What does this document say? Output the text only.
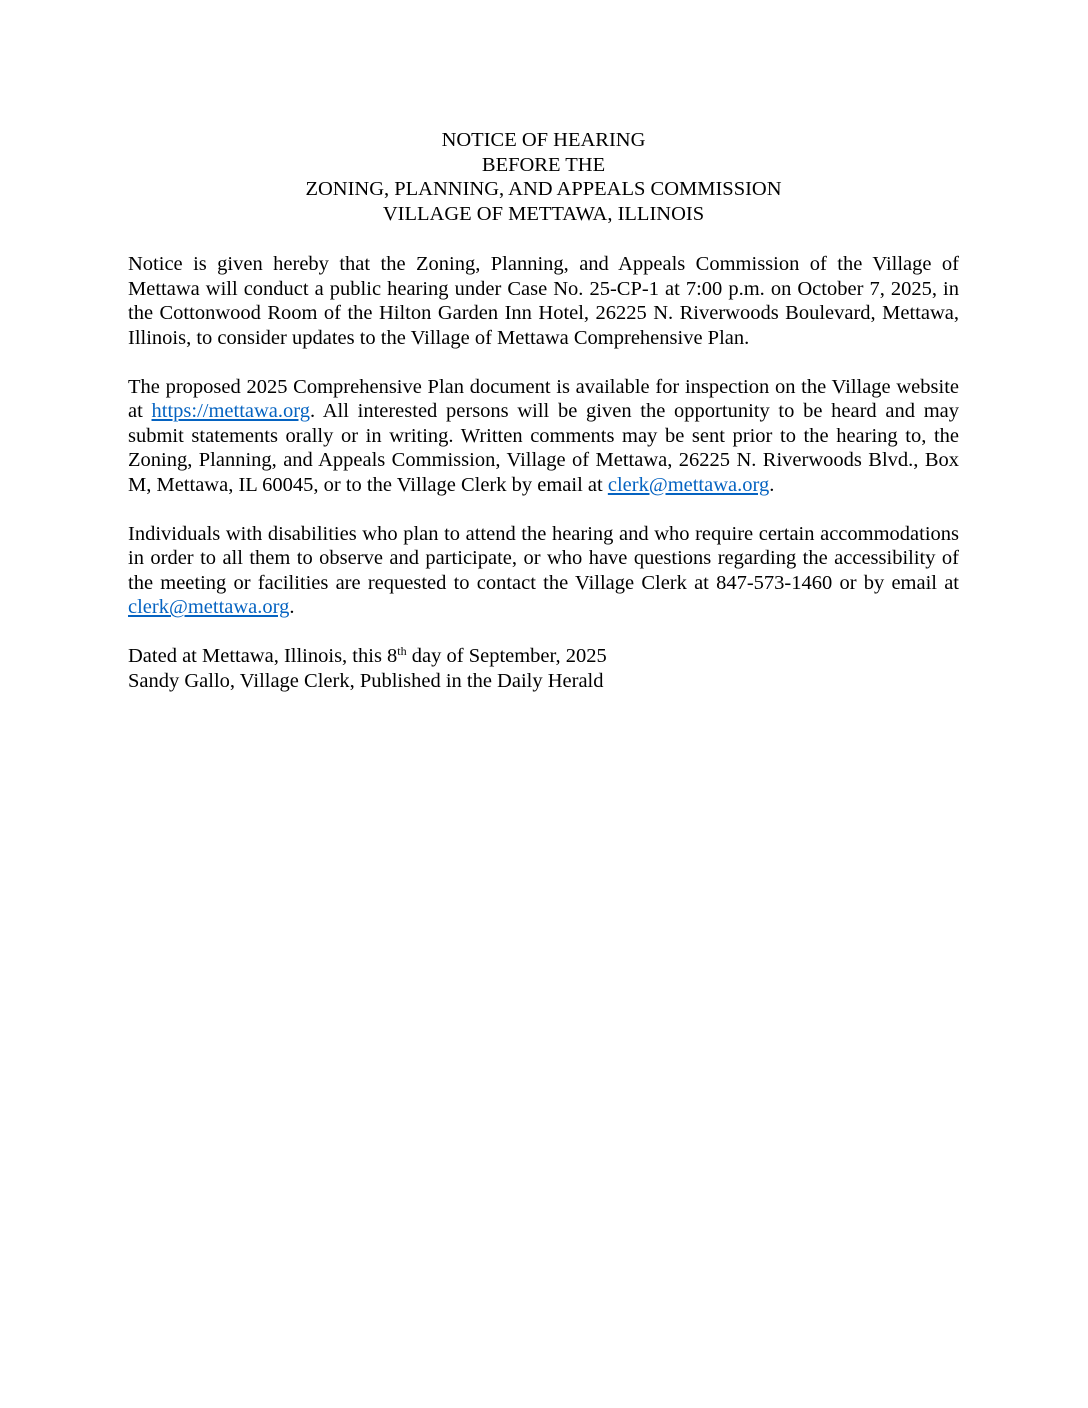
NOTICE OF HEARING
BEFORE THE
ZONING, PLANNING, AND APPEALS COMMISSION
VILLAGE OF METTAWA, ILLINOIS

Notice is given hereby that the Zoning, Planning, and Appeals Commission of the Village of Mettawa will conduct a public hearing under Case No. 25-CP-1 at 7:00 p.m. on October 7, 2025, in the Cottonwood Room of the Hilton Garden Inn Hotel, 26225 N. Riverwoods Boulevard, Mettawa, Illinois, to consider updates to the Village of Mettawa Comprehensive Plan.

The proposed 2025 Comprehensive Plan document is available for inspection on the Village website at https://mettawa.org. All interested persons will be given the opportunity to be heard and may submit statements orally or in writing. Written comments may be sent prior to the hearing to, the Zoning, Planning, and Appeals Commission, Village of Mettawa, 26225 N. Riverwoods Blvd., Box M, Mettawa, IL 60045, or to the Village Clerk by email at clerk@mettawa.org.

Individuals with disabilities who plan to attend the hearing and who require certain accommodations in order to all them to observe and participate, or who have questions regarding the accessibility of the meeting or facilities are requested to contact the Village Clerk at 847-573-1460 or by email at clerk@mettawa.org.

Dated at Mettawa, Illinois, this 8th day of September, 2025
Sandy Gallo, Village Clerk, Published in the Daily Herald
